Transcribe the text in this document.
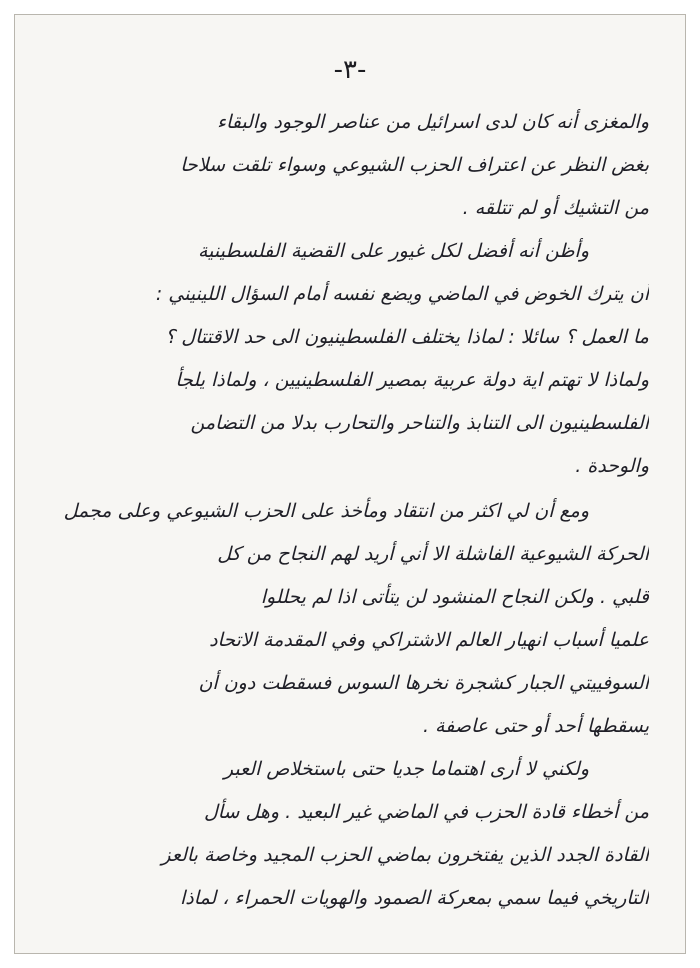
-٣-
والمغزى أنه كان لدى اسرائيل من عناصر الوجود والبقاء
بغض النظر عن اعتراف الحزب الشيوعي وسواء تلقت سلاحا
من التشيك أو لم تتلقه .
وأظن أنه أفضل لكل غيور على القضية الفلسطينية
أن يترك الخوض في الماضي ويضع نفسه أمام السؤال اللينيني :
ما العمل ؟ سائلا : لماذا يختلف الفلسطينيون الى حد الاقتتال ؟
ولماذا لا تهتم اية دولة عربية بمصير الفلسطينيين ، ولماذا يلجأ
الفلسطينيون الى التنابذ والتناحر والتحارب بدلا من التضامن
والوحدة .
ومع أن لي اكثر من انتقاد ومأخذ على الحزب الشيوعي وعلى مجمل
الحركة الشيوعية الفاشلة الا أني أريد لهم النجاح من كل
قلبي . ولكن النجاح المنشود لن يتأتى اذا لم يحللوا
علميا أسباب انهيار العالم الاشتراكي وفي المقدمة الاتحاد
السوفييتي الجبار كشجرة نخرها السوس فسقطت دون أن
يسقطها أحد أو حتى عاصفة .
ولكني لا أرى اهتماما جديا حتى باستخلاص العبر
من أخطاء قادة الحزب في الماضي غير البعيد . وهل سأل
القادة الجدد الذين يفتخرون بماضي الحزب المجيد وخاصة بالعز
التاريخي فيما سمي بمعركة الصمود والهويات الحمراء ، لماذا
